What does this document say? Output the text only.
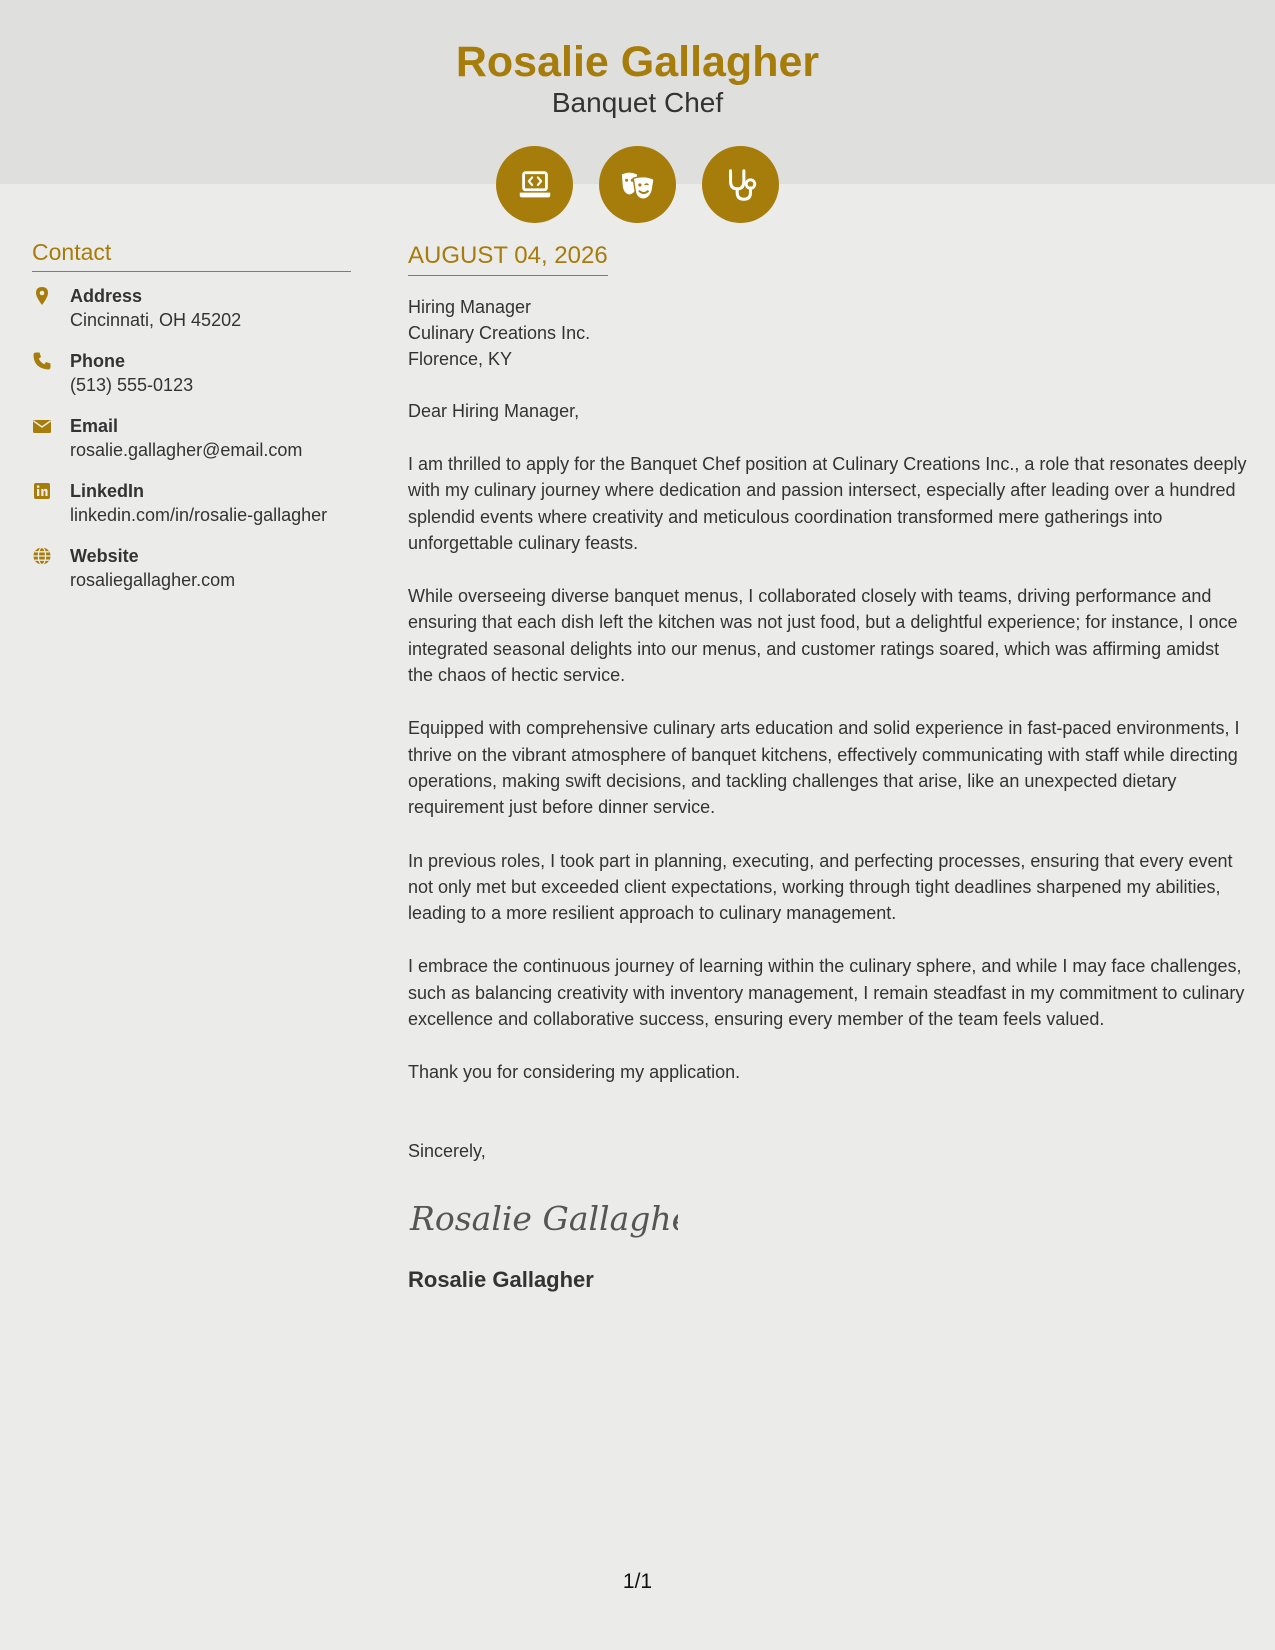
Rosalie Gallagher
Banquet Chef
Contact
Address
Cincinnati, OH 45202
Phone
(513) 555-0123
Email
rosalie.gallagher@email.com
LinkedIn
linkedin.com/in/rosalie-gallagher
Website
rosaliegallagher.com
AUGUST 04, 2026
Hiring Manager
Culinary Creations Inc.
Florence, KY
Dear Hiring Manager,
I am thrilled to apply for the Banquet Chef position at Culinary Creations Inc., a role that resonates deeply with my culinary journey where dedication and passion intersect, especially after leading over a hundred splendid events where creativity and meticulous coordination transformed mere gatherings into unforgettable culinary feasts.
While overseeing diverse banquet menus, I collaborated closely with teams, driving performance and ensuring that each dish left the kitchen was not just food, but a delightful experience; for instance, I once integrated seasonal delights into our menus, and customer ratings soared, which was affirming amidst the chaos of hectic service.
Equipped with comprehensive culinary arts education and solid experience in fast-paced environments, I thrive on the vibrant atmosphere of banquet kitchens, effectively communicating with staff while directing operations, making swift decisions, and tackling challenges that arise, like an unexpected dietary requirement just before dinner service.
In previous roles, I took part in planning, executing, and perfecting processes, ensuring that every event not only met but exceeded client expectations, working through tight deadlines sharpened my abilities, leading to a more resilient approach to culinary management.
I embrace the continuous journey of learning within the culinary sphere, and while I may face challenges, such as balancing creativity with inventory management, I remain steadfast in my commitment to culinary excellence and collaborative success, ensuring every member of the team feels valued.
Thank you for considering my application.
Sincerely,
Rosalie Gallagher
Rosalie Gallagher
1/1
